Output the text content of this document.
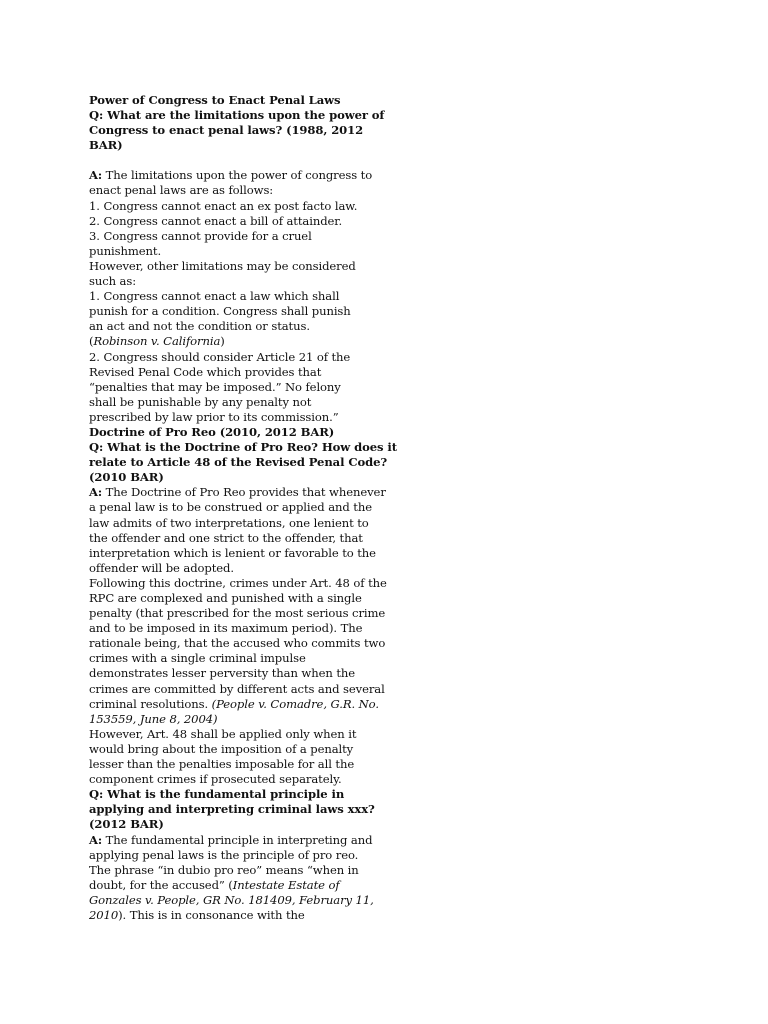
Power of Congress to Enact Penal Laws
Q: What are the limitations upon the power of
Congress to enact penal laws? (1988, 2012
BAR)
A: The limitations upon the power of congress to
enact penal laws are as follows:
1. Congress cannot enact an ex post facto law.
2. Congress cannot enact a bill of attainder.
3. Congress cannot provide for a cruel
punishment.
However, other limitations may be considered
such as:
1. Congress cannot enact a law which shall
punish for a condition. Congress shall punish
an act and not the condition or status.
(Robinson v. California)
2. Congress should consider Article 21 of the
Revised Penal Code which provides that
“penalties that may be imposed.” No felony
shall be punishable by any penalty not
prescribed by law prior to its commission.”
Doctrine of Pro Reo (2010, 2012 BAR)
Q: What is the Doctrine of Pro Reo? How does it
relate to Article 48 of the Revised Penal Code?
(2010 BAR)
A: The Doctrine of Pro Reo provides that whenever
a penal law is to be construed or applied and the
law admits of two interpretations, one lenient to
the offender and one strict to the offender, that
interpretation which is lenient or favorable to the
offender will be adopted.
Following this doctrine, crimes under Art. 48 of the
RPC are complexed and punished with a single
penalty (that prescribed for the most serious crime
and to be imposed in its maximum period). The
rationale being, that the accused who commits two
crimes with a single criminal impulse
demonstrates lesser perversity than when the
crimes are committed by different acts and several
criminal resolutions. (People v. Comadre, G.R. No.
153559, June 8, 2004)
However, Art. 48 shall be applied only when it
would bring about the imposition of a penalty
lesser than the penalties imposable for all the
component crimes if prosecuted separately.
Q: What is the fundamental principle in
applying and interpreting criminal laws xxx?
(2012 BAR)
A: The fundamental principle in interpreting and
applying penal laws is the principle of pro reo.
The phrase “in dubio pro reo” means “when in
doubt, for the accused” (Intestate Estate of
Gonzales v. People, GR No. 181409, February 11,
2010). This is in consonance with the
